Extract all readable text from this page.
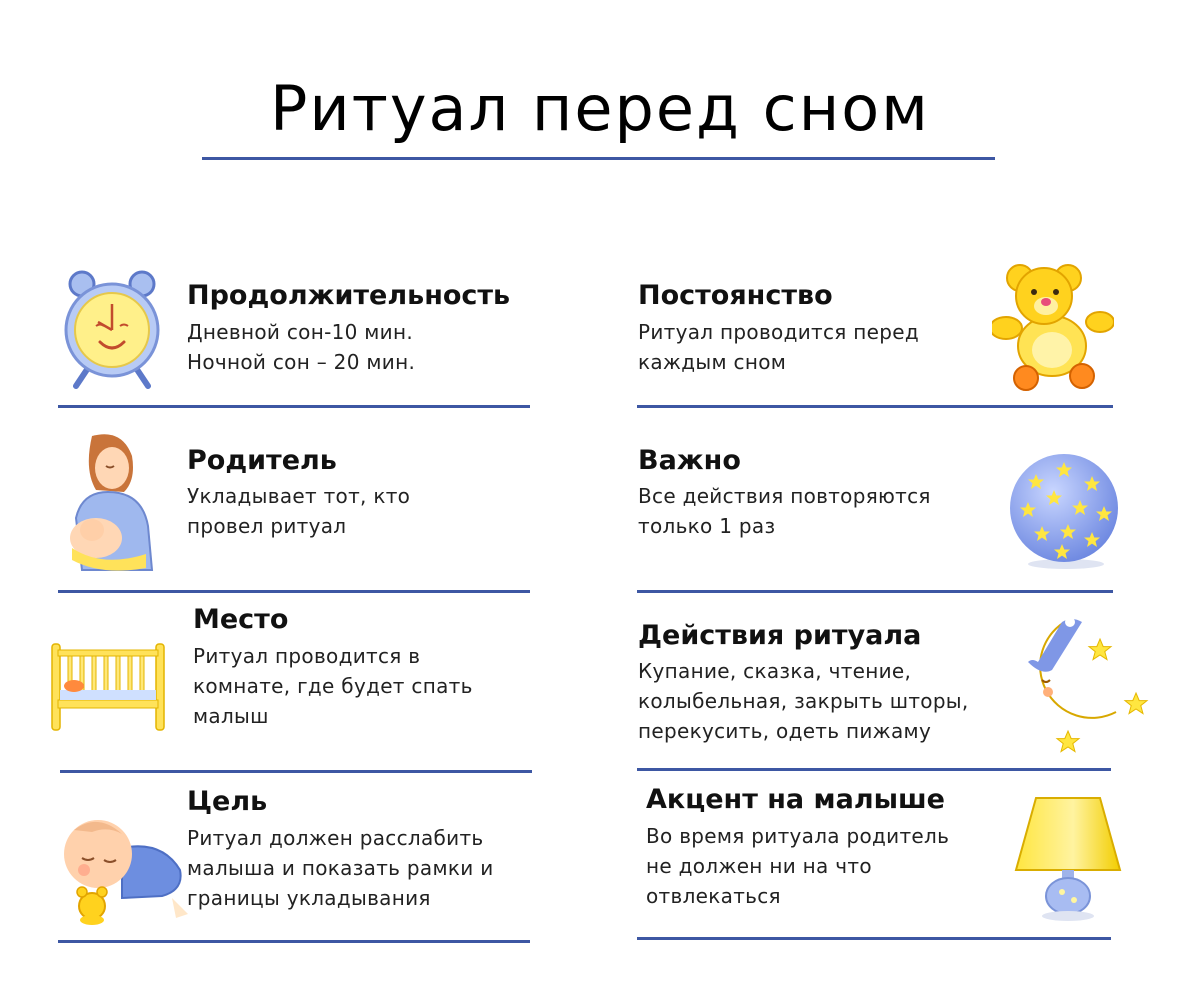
Ритуал перед сном
Продолжительность
Дневной сон-10 мин.
Ночной сон – 20 мин.
Постоянство
Ритуал проводится перед
каждым сном
Родитель
Укладывает тот, кто
провел ритуал
Важно
Все действия повторяются
только 1 раз
Место
Ритуал проводится в
комнате, где будет спать
малыш
Действия ритуала
Купание, сказка, чтение,
колыбельная, закрыть шторы,
перекусить, одеть пижаму
Цель
Ритуал должен расслабить
малыша и показать рамки и
границы укладывания
Акцент на малыше
Во время ритуала родитель
не должен ни на что
отвлекаться
